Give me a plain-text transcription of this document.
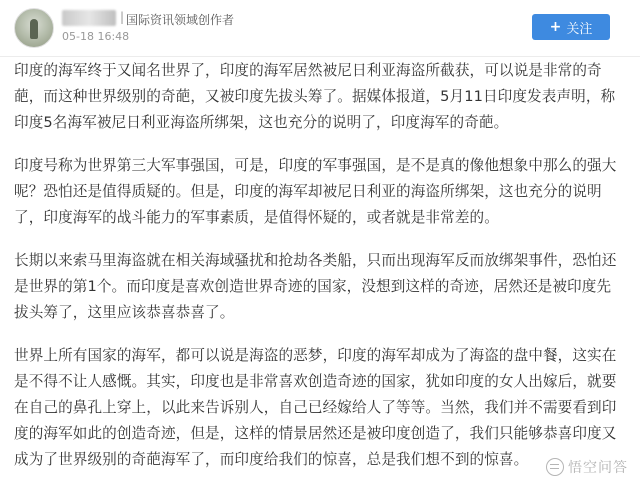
| 国际资讯领域创作者
05-18 16:48
+ 关注

印度的海军终于又闻名世界了，印度的海军居然被尼日利亚海盗所截获，可以说是非常的奇
葩，而这种世界级别的奇葩，又被印度先拔头筹了。据媒体报道，5月11日印度发表声明，称
印度5名海军被尼日利亚海盗所绑架，这也充分的说明了，印度海军的奇葩。

印度号称为世界第三大军事强国，可是，印度的军事强国，是不是真的像他想象中那么的强大
呢？恐怕还是值得质疑的。但是，印度的海军却被尼日利亚的海盗所绑架，这也充分的说明
了，印度海军的战斗能力的军事素质，是值得怀疑的，或者就是非常差的。

长期以来索马里海盗就在相关海域骚扰和抢劫各类船，只而出现海军反而放绑架事件，恐怕还
是世界的第1个。而印度是喜欢创造世界奇迹的国家，没想到这样的奇迹，居然还是被印度先
拔头筹了，这里应该恭喜恭喜了。

世界上所有国家的海军，都可以说是海盗的恶梦，印度的海军却成为了海盗的盘中餐，这实在
是不得不让人感慨。其实，印度也是非常喜欢创造奇迹的国家，犹如印度的女人出嫁后，就要
在自己的鼻孔上穿上，以此来告诉别人，自己已经嫁给人了等等。当然，我们并不需要看到印
度的海军如此的创造奇迹，但是，这样的情景居然还是被印度创造了，我们只能够恭喜印度又
成为了世界级别的奇葩海军了，而印度给我们的惊喜，总是我们想不到的惊喜。	悟空问答
